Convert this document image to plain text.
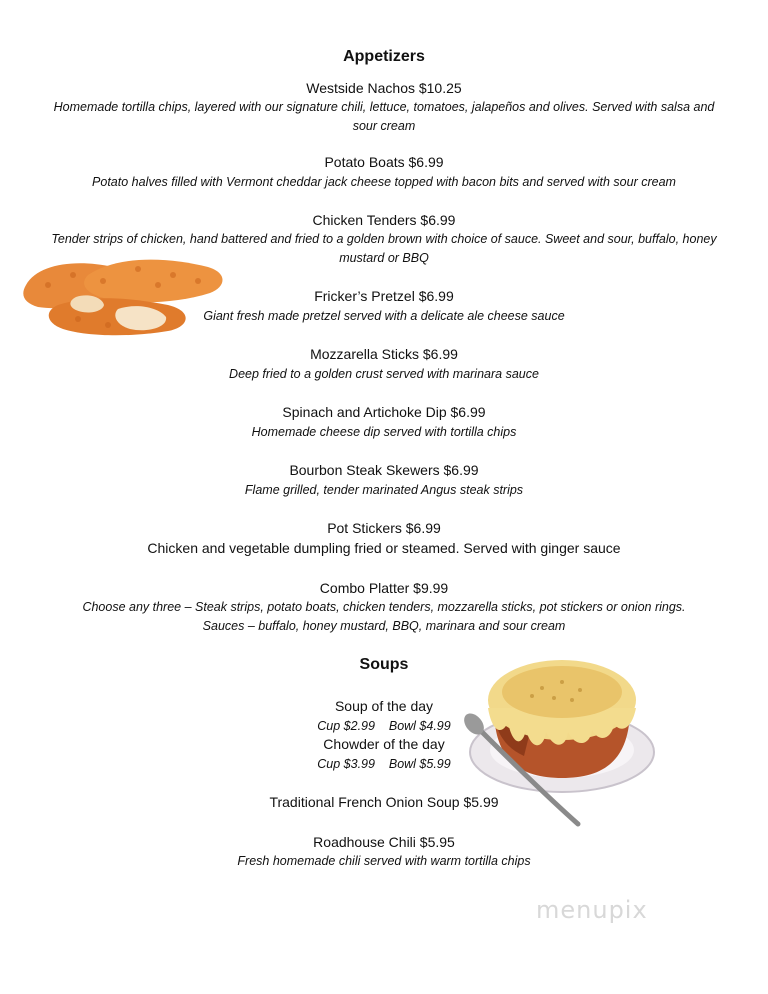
Appetizers
Westside Nachos $10.25
Homemade tortilla chips, layered with our signature chili, lettuce, tomatoes, jalapeños and olives. Served with salsa and sour cream
Potato Boats $6.99
Potato halves filled with Vermont cheddar jack cheese topped with bacon bits and served with sour cream
Chicken Tenders $6.99
Tender strips of chicken, hand battered and fried to a golden brown with choice of sauce. Sweet and sour, buffalo, honey mustard or BBQ
Fricker’s Pretzel $6.99
Giant fresh made pretzel served with a delicate ale cheese sauce
Mozzarella Sticks $6.99
Deep fried to a golden crust served with marinara sauce
Spinach and Artichoke Dip $6.99
Homemade cheese dip served with tortilla chips
Bourbon Steak Skewers $6.99
Flame grilled, tender marinated Angus steak strips
Pot Stickers $6.99
Chicken and vegetable dumpling fried or steamed. Served with ginger sauce
Combo Platter $9.99
Choose any three – Steak strips, potato boats, chicken tenders, mozzarella sticks, pot stickers or onion rings.
Sauces – buffalo, honey mustard, BBQ, marinara and sour cream
Soups
Soup of the day
Cup $2.99    Bowl $4.99
Chowder of the day
Cup $3.99    Bowl $5.99
Traditional French Onion Soup $5.99
Roadhouse Chili $5.95
Fresh homemade chili served with warm tortilla chips
menupix
